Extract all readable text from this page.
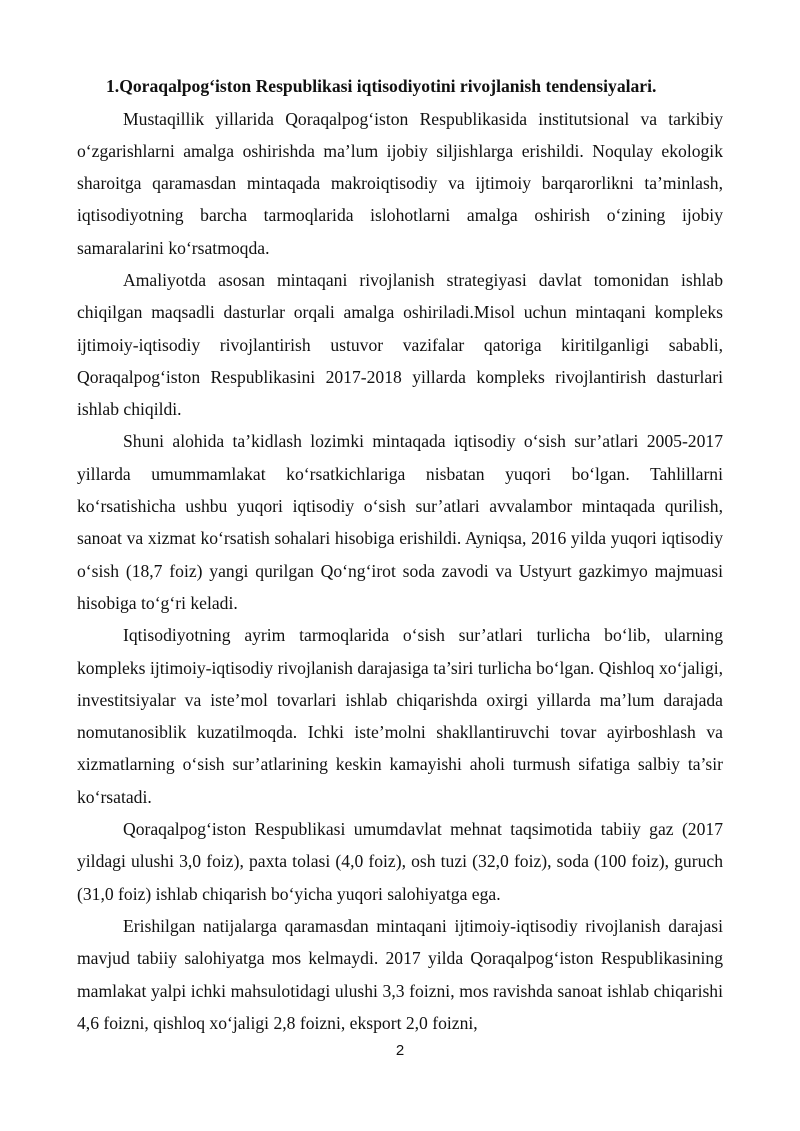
1.Qoraqalpog‘iston Respublikasi iqtisodiyotini rivojlanish tendensiyalari.

Mustaqillik yillarida Qoraqalpog‘iston Respublikasida institutsional va tarkibiy o‘zgarishlarni amalga oshirishda ma’lum ijobiy siljishlarga erishildi. Noqulay ekologik sharoitga qaramasdan mintaqada makroiqtisodiy va ijtimoiy barqarorlikni ta’minlash, iqtisodiyotning barcha tarmoqlarida islohotlarni amalga oshirish o‘zining ijobiy samaralarini ko‘rsatmoqda.

Amaliyotda asosan mintaqani rivojlanish strategiyasi davlat tomonidan ishlab chiqilgan maqsadli dasturlar orqali amalga oshiriladi.Misol uchun mintaqani kompleks ijtimoiy-iqtisodiy rivojlantirish ustuvor vazifalar qatoriga kiritilganligi sababli, Qoraqalpog‘iston Respublikasini 2017-2018 yillarda kompleks rivojlantirish dasturlari ishlab chiqildi.

Shuni alohida ta’kidlash lozimki mintaqada iqtisodiy o‘sish sur’atlari 2005-2017 yillarda umummamlakat ko‘rsatkichlariga nisbatan yuqori bo‘lgan. Tahlillarni ko‘rsatishicha ushbu yuqori iqtisodiy o‘sish sur’atlari avvalambor mintaqada qurilish, sanoat va xizmat ko‘rsatish sohalari hisobiga erishildi. Ayniqsa, 2016 yilda yuqori iqtisodiy o‘sish (18,7 foiz) yangi qurilgan Qo‘ng‘irot soda zavodi va Ustyurt gazkimyo majmuasi hisobiga to‘g‘ri keladi.

Iqtisodiyotning ayrim tarmoqlarida o‘sish sur’atlari turlicha bo‘lib, ularning kompleks ijtimoiy-iqtisodiy rivojlanish darajasiga ta’siri turlicha bo‘lgan. Qishloq xo‘jaligi, investitsiyalar va iste’mol tovarlari ishlab chiqarishda oxirgi yillarda ma’lum darajada nomutanosiblik kuzatilmoqda. Ichki iste’molni shakllantiruvchi tovar ayirboshlash va xizmatlarning o‘sish sur’atlarining keskin kamayishi aholi turmush sifatiga salbiy ta’sir ko‘rsatadi.

Qoraqalpog‘iston Respublikasi umumdavlat mehnat taqsimotida tabiiy gaz (2017 yildagi ulushi 3,0 foiz), paxta tolasi (4,0 foiz), osh tuzi (32,0 foiz), soda (100 foiz), guruch (31,0 foiz) ishlab chiqarish bo‘yicha yuqori salohiyatga ega.

Erishilgan natijalarga qaramasdan mintaqani ijtimoiy-iqtisodiy rivojlanish darajasi mavjud tabiiy salohiyatga mos kelmaydi. 2017 yilda Qoraqalpog‘iston Respublikasining mamlakat yalpi ichki mahsulotidagi ulushi 3,3 foizni, mos ravishda sanoat ishlab chiqarishi 4,6 foizni, qishloq xo‘jaligi 2,8 foizni, eksport 2,0 foizni,

2
